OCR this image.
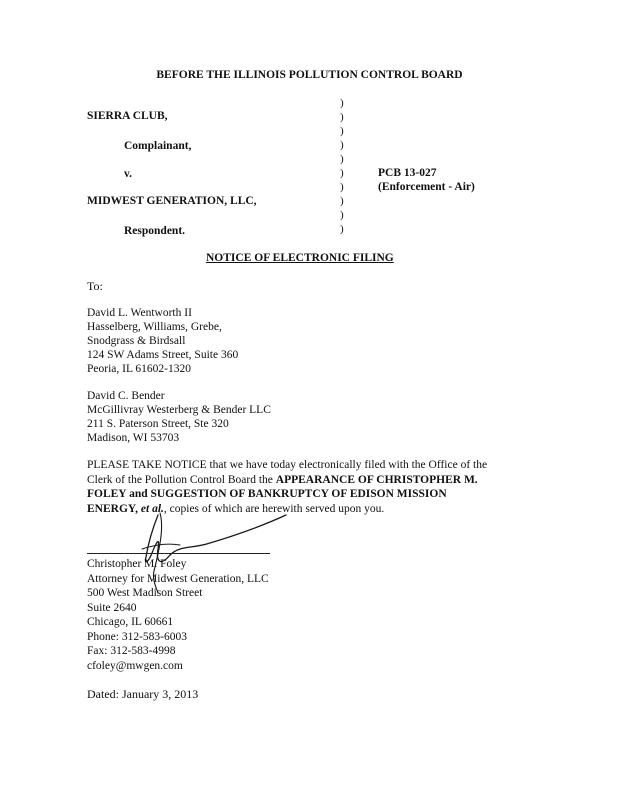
BEFORE THE ILLINOIS POLLUTION CONTROL BOARD
SIERRA CLUB,
Complainant,
v.
MIDWEST GENERATION, LLC,
Respondent.
)
)
)
)
)
)
)
)
)
)
PCB 13-027
(Enforcement - Air)
NOTICE OF ELECTRONIC FILING
To:
David L. Wentworth II
Hasselberg, Williams, Grebe,
Snodgrass & Birdsall
124 SW Adams Street, Suite 360
Peoria, IL 61602-1320
David C. Bender
McGillivray Westerberg & Bender LLC
211 S. Paterson Street, Ste 320
Madison, WI 53703
PLEASE TAKE NOTICE that we have today electronically filed with the Office of the
Clerk of the Pollution Control Board the APPEARANCE OF CHRISTOPHER M.
FOLEY and SUGGESTION OF BANKRUPTCY OF EDISON MISSION
ENERGY, et al., copies of which are herewith served upon you.
Christopher M. Foley
Attorney for Midwest Generation, LLC
500 West Madison Street
Suite 2640
Chicago, IL 60661
Phone: 312-583-6003
Fax: 312-583-4998
cfoley@mwgen.com
Dated: January 3, 2013
